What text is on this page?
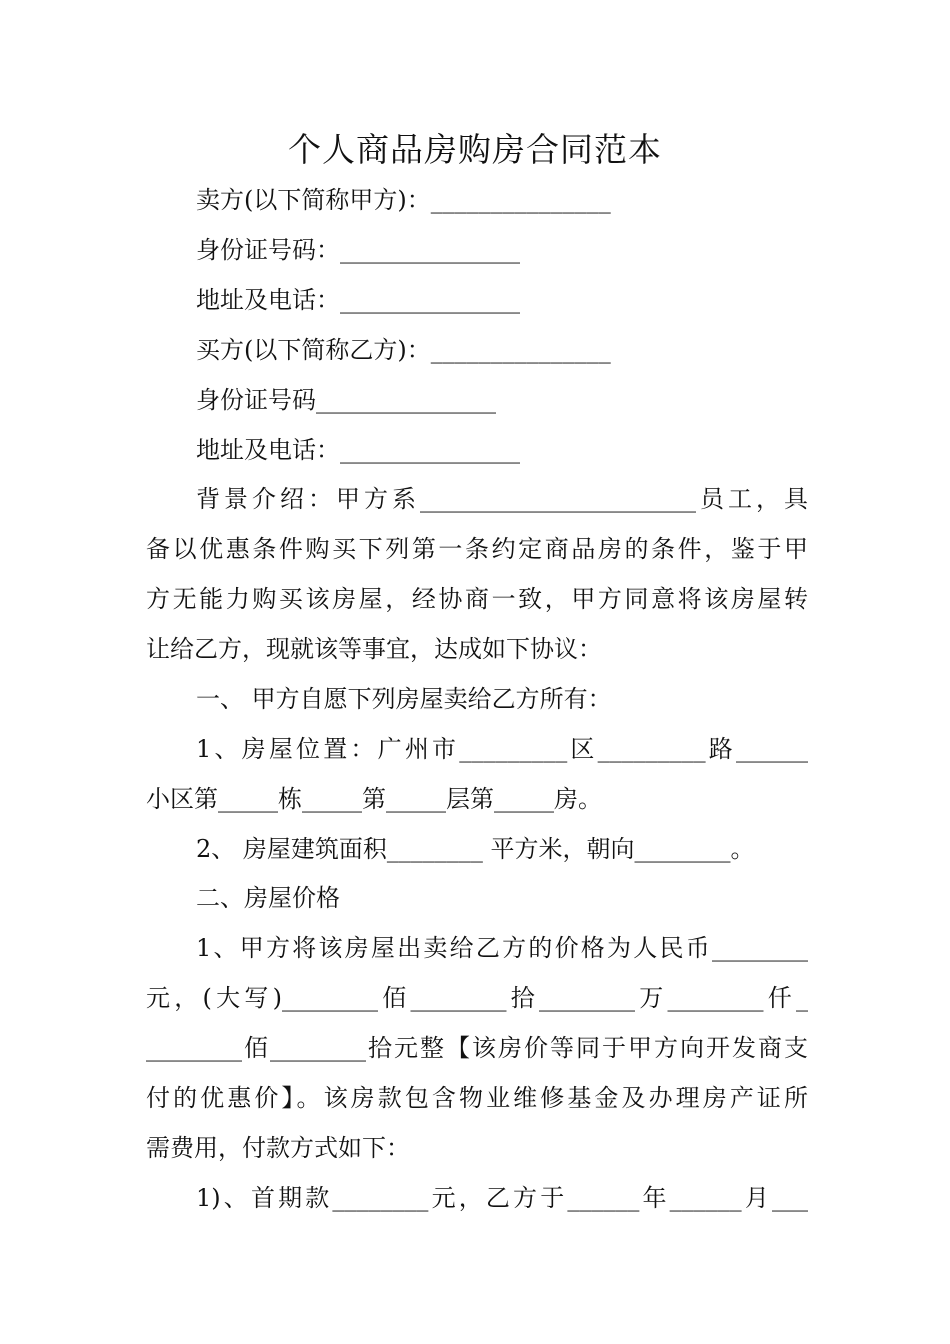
个人商品房购房合同范本
卖方(以下简称甲方)：_______________
身份证号码：_______________
地址及电话：_______________
买方(以下简称乙方)：_______________
身份证号码_______________
地址及电话：_______________
背景介绍：甲方系_______________________员工，具
备以优惠条件购买下列第一条约定商品房的条件，鉴于甲
方无能力购买该房屋，经协商一致，甲方同意将该房屋转
让给乙方，现就该等事宜，达成如下协议：
一、 甲方自愿下列房屋卖给乙方所有：
1、房屋位置：广州市_________区_________路______
小区第_____栋_____第_____层第_____房。
2、 房屋建筑面积________ 平方米，朝向________。
二、房屋价格
1、甲方将该房屋出卖给乙方的价格为人民币________
元，(大写)________佰________拾________万________仟_
________佰________拾元整【该房价等同于甲方向开发商支
付的优惠价】。该房款包含物业维修基金及办理房产证所
需费用，付款方式如下：
1)、首期款________元，乙方于______年______月___
